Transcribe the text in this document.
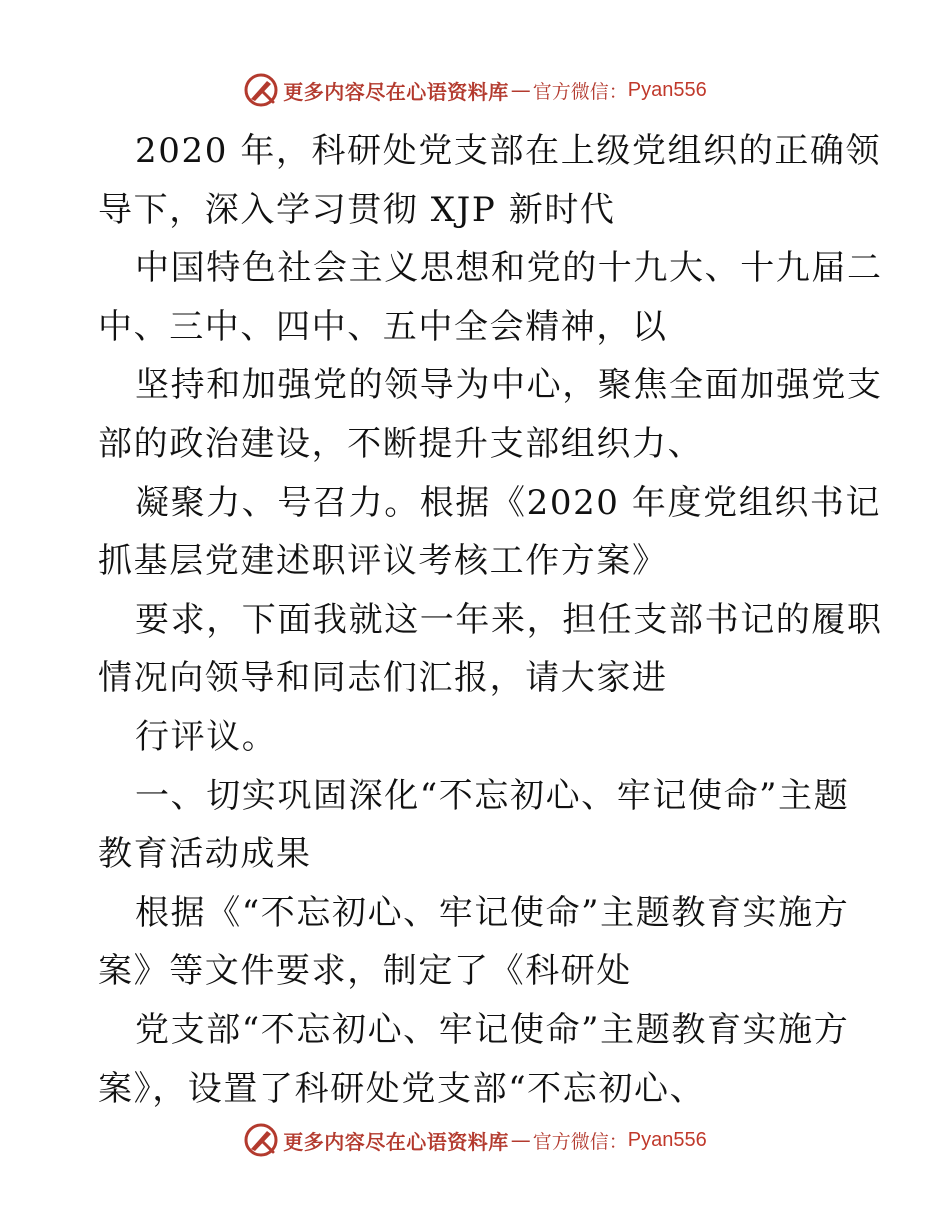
更多内容尽在心语资料库 — 官方微信： Pyan556
2020 年，科研处党支部在上级党组织的正确领
导下，深入学习贯彻 XJP 新时代
中国特色社会主义思想和党的十九大、十九届二
中、三中、四中、五中全会精神，以
坚持和加强党的领导为中心，聚焦全面加强党支
部的政治建设，不断提升支部组织力、
凝聚力、号召力。根据《2020 年度党组织书记
抓基层党建述职评议考核工作方案》
要求，下面我就这一年来，担任支部书记的履职
情况向领导和同志们汇报，请大家进
行评议。
一、切实巩固深化“不忘初心、牢记使命”主题
教育活动成果
根据《“不忘初心、牢记使命”主题教育实施方
案》等文件要求，制定了《科研处
党支部“不忘初心、牢记使命”主题教育实施方
案》，设置了科研处党支部“不忘初心、
更多内容尽在心语资料库 — 官方微信： Pyan556
